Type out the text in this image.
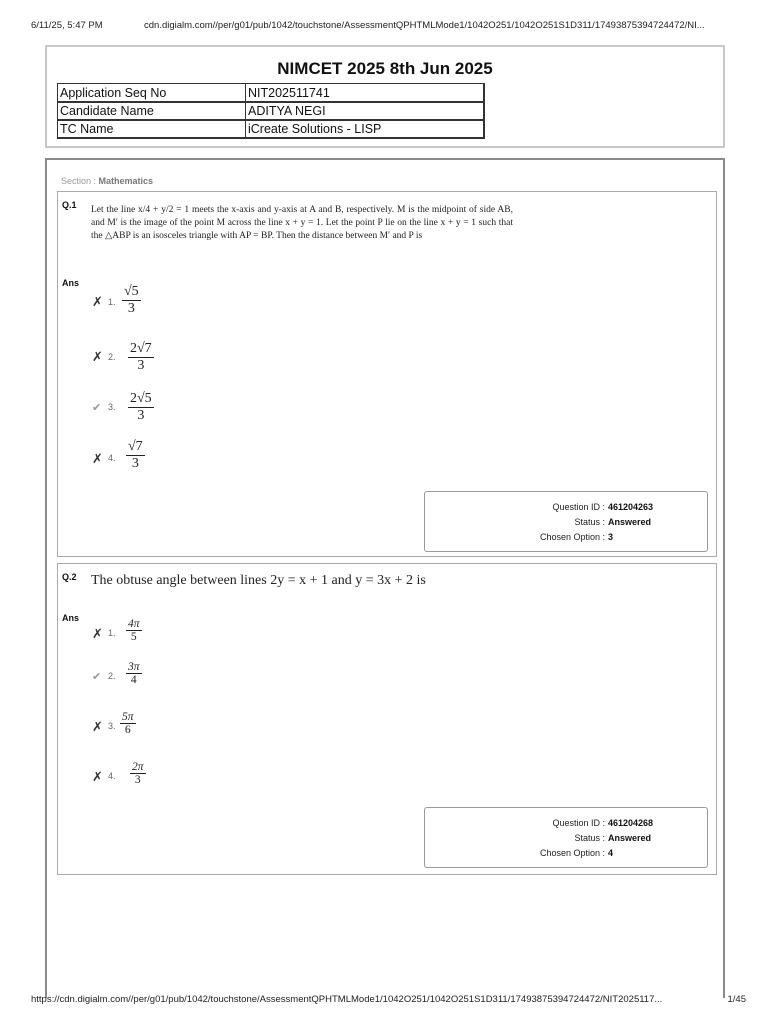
6/11/25, 5:47 PM	cdn.digialm.com//per/g01/pub/1042/touchstone/AssessmentQPHTMLMode1/1042O251/1042O251S1D311/17493875394724472/NI...
NIMCET 2025 8th Jun 2025
Application Seq No	NIT202511741
Candidate Name	ADITYA NEGI
TC Name	iCreate Solutions - LISP
Section : Mathematics
Q.1 Let the line x/4 + y/2 = 1 meets the x-axis and y-axis at A and B, respectively. M is the midpoint of side AB, and M′ is the image of the point M across the line x + y = 1. Let the point P lie on the line x + y = 1 such that the △ABP is an isosceles triangle with AP = BP. Then the distance between M′ and P is
Ans
✗ 1. $\frac{√5}{3}$
✗ 2. $\frac{2√7}{3}$
✔ 3. $\frac{2√5}{3}$
✗ 4. $\frac{√7}{3}$
Question ID : 461204263
Status : Answered
Chosen Option : 3
Q.2 The obtuse angle between lines 2y = x + 1 and y = 3x + 2 is
Ans
✗ 1. $\frac{4\pi}{5}$
✔ 2. $\frac{3\pi}{4}$
✗ 3. $\frac{5\pi}{6}$
✗ 4. $\frac{2\pi}{3}$
Question ID : 461204268
Status : Answered
Chosen Option : 4
https://cdn.digialm.com//per/g01/pub/1042/touchstone/AssessmentQPHTMLMode1/1042O251/1042O251S1D311/17493875394724472/NIT2025117...	1/45
